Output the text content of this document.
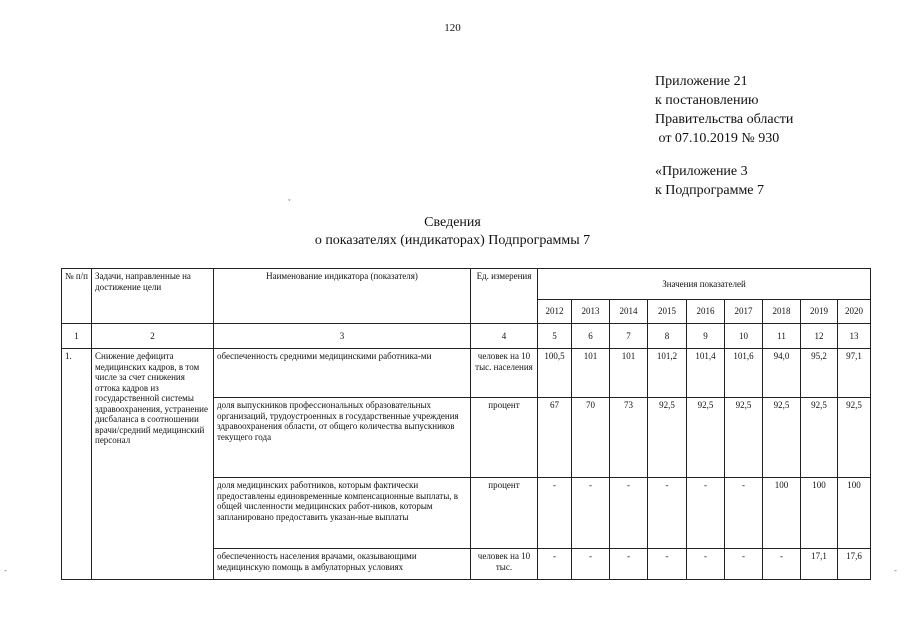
120
Приложение 21
к постановлению
Правительства области
от 07.10.2019 № 930
«Приложение 3
к Подпрограмме 7
ˇ
Сведения
о показателях (индикаторах) Подпрограммы 7
№ п/п	Задачи, направленные на достижение цели	Наименование индикатора (показателя)	Ед. измерения	Значения показателей								
				2012	2013	2014	2015	2016	2017	2018	2019	2020
1	2	3	4	5	6	7	8	9	10	11	12	13
1.	Снижение дефицита медицинских кадров, в том числе за счет снижения оттока кадров из государственной системы здравоохранения, устранение дисбаланса в соотношении врачи/средний медицинский персонал	обеспеченность средними медицинскими работника-ми	человек на 10 тыс. населения	100,5	101	101	101,2	101,4	101,6	94,0	95,2	97,1
		доля выпускников профессиональных образовательных организаций, трудоустроенных в государственные учреждения здравоохранения области, от общего количества выпускников текущего года	процент	67	70	73	92,5	92,5	92,5	92,5	92,5	92,5
		доля медицинских работников, которым фактически предоставлены единовременные компенсационные выплаты, в общей численности медицинских работ-ников, которым запланировано предоставить указан-ные выплаты	процент	-	-	-	-	-	-	100	100	100
		обеспеченность населения врачами, оказывающими медицинскую помощь в амбулаторных условиях	человек на 10 тыс.	-	-	-	-	-	-	-	17,1	17,6
-	-
